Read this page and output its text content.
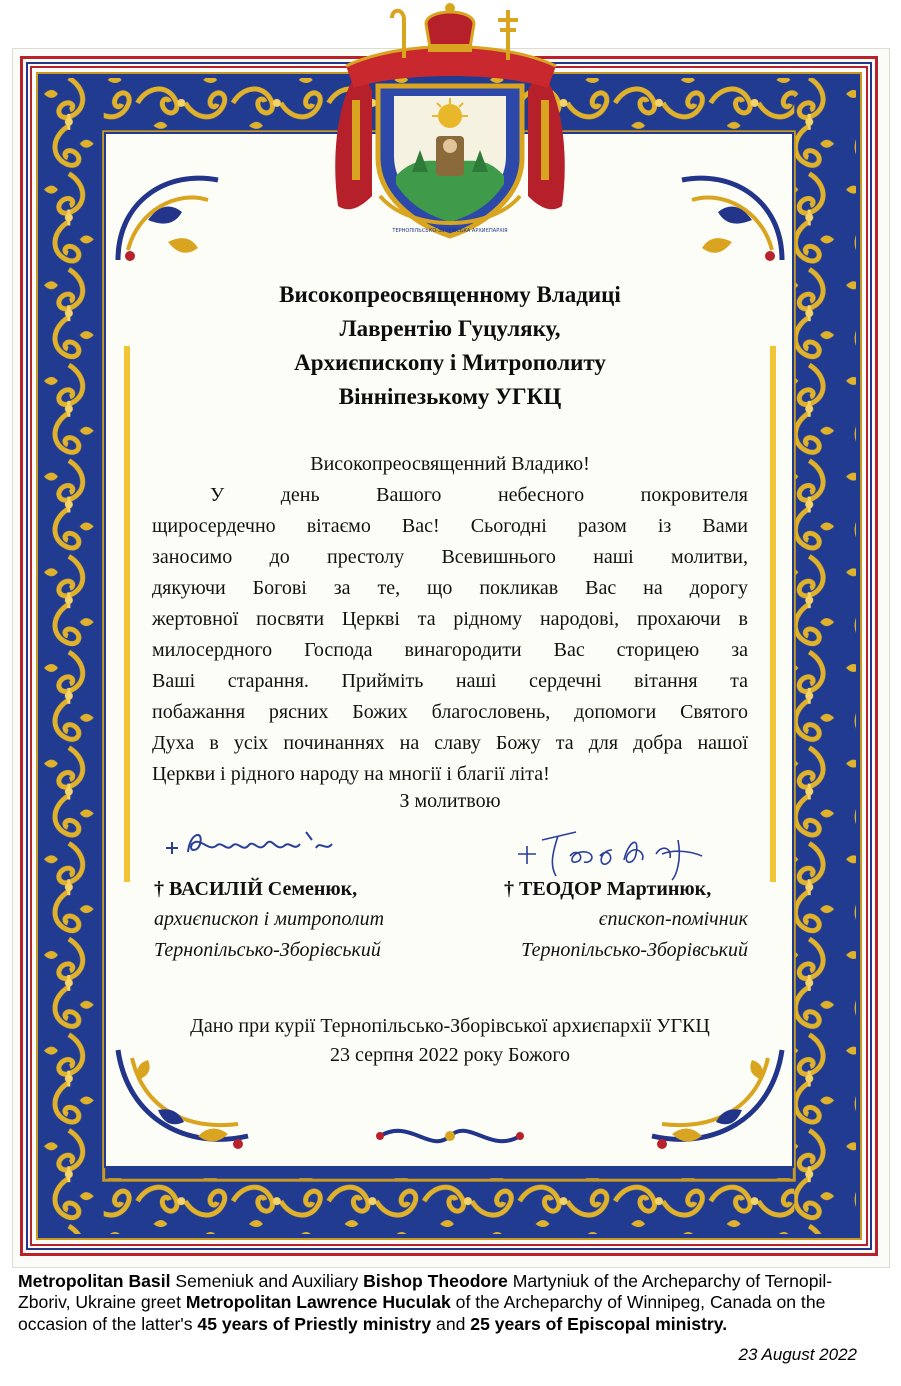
ТЕРНОПІЛЬСЬКО-ЗБОРІВСЬКА АРХИЄПАРХІЯ
Високопреосвященному Владиці
Лаврентію Гуцуляку,
Архиєпископу і Митрополиту
Вінніпезькому УГКЦ
Високопреосвященний Владико!
У день Вашого небесного покровителя
щиросердечно вітаємо Вас! Сьогодні разом із Вами
заносимо до престолу Всевишнього наші молитви,
дякуючи Богові за те, що покликав Вас на дорогу
жертовної посвяти Церкві та рідному народові, прохаючи в
милосердного Господа винагородити Вас сторицею за
Ваші старання. Прийміть наші сердечні вітання та
побажання рясних Божих благословень, допомоги Святого
Духа в усіх починаннях на славу Божу та для добра нашої
Церкви і рідного народу на многії і благії літа!
З молитвою
† ВАСИЛІЙ Семенюк,
архиєпископ і митрополит
Тернопільсько-Зборівський
† ТЕОДОР Мартинюк,
єпископ-помічник
Тернопільсько-Зборівський
Дано при курії Тернопільсько-Зборівської архиєпархії УГКЦ
23 серпня 2022 року Божого
Metropolitan Basil Semeniuk and Auxiliary Bishop Theodore Martyniuk of the Archeparchy of Ternopil-Zboriv, Ukraine greet Metropolitan Lawrence Huculak of the Archeparchy of Winnipeg, Canada on the occasion of the latter's 45 years of Priestly ministry and 25 years of Episcopal ministry.
23 August 2022
